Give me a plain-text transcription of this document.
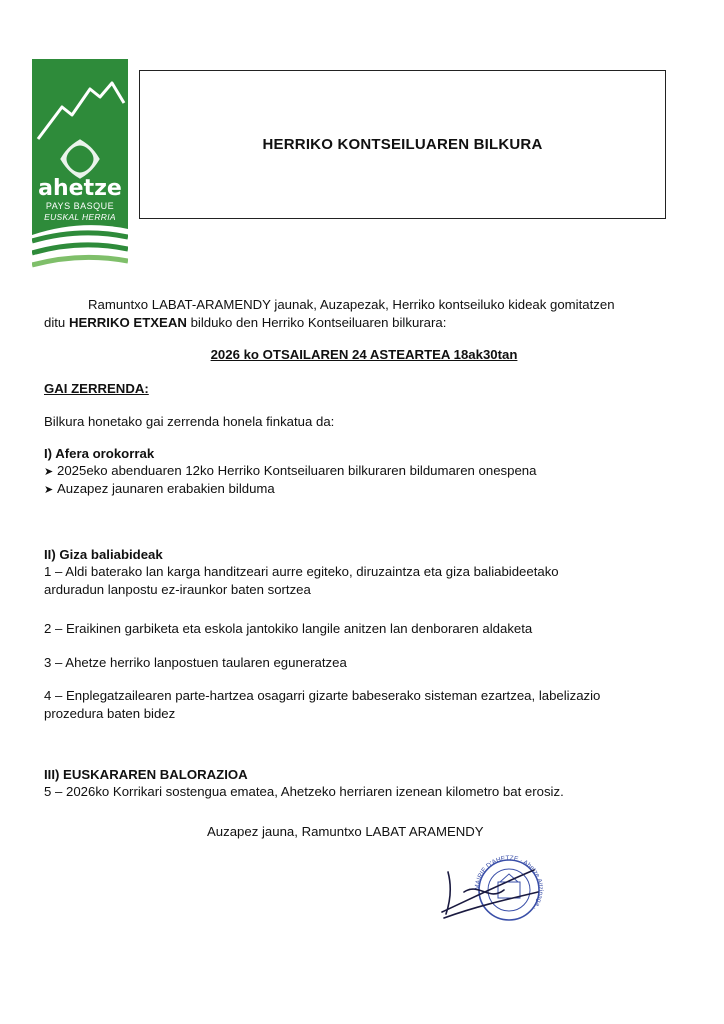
ahetze
PAYS BASQUE
EUSKAL HERRIA
HERRIKO KONTSEILUAREN BILKURA
Ramuntxo LABAT-ARAMENDY jaunak, Auzapezak, Herriko kontseiluko kideak gomitatzen
ditu HERRIKO ETXEAN bilduko den Herriko Kontseiluaren bilkurara:
2026 ko OTSAILAREN 24 ASTEARTEA 18ak30tan
GAI ZERRENDA:
Bilkura honetako gai zerrenda honela finkatua da:
I) Afera orokorrak
➤ 2025eko abenduaren 12ko Herriko Kontseiluaren bilkuraren bildumaren onespena
➤ Auzapez jaunaren erabakien bilduma
II) Giza baliabideak
1 – Aldi baterako lan karga handitzeari aurre egiteko, diruzaintza eta giza baliabideetako
arduradun lanpostu ez-iraunkor baten sortzea
2 – Eraikinen garbiketa eta eskola jantokiko langile anitzen lan denboraren aldaketa
3 – Ahetze herriko lanpostuen taularen eguneratzea
4 – Enplegatzailearen parte-hartzea osagarri gizarte babeserako sisteman ezartzea, labelizazio
prozedura baten bidez
III) EUSKARAREN BALORAZIOA
5 – 2026ko Korrikari sostengua ematea, Ahetzeko herriaren izenean kilometro bat erosiz.
Auzapez jauna, Ramuntxo LABAT ARAMENDY
MAIRIE D'AHETZE · Ahetze Aitzinaga ·
